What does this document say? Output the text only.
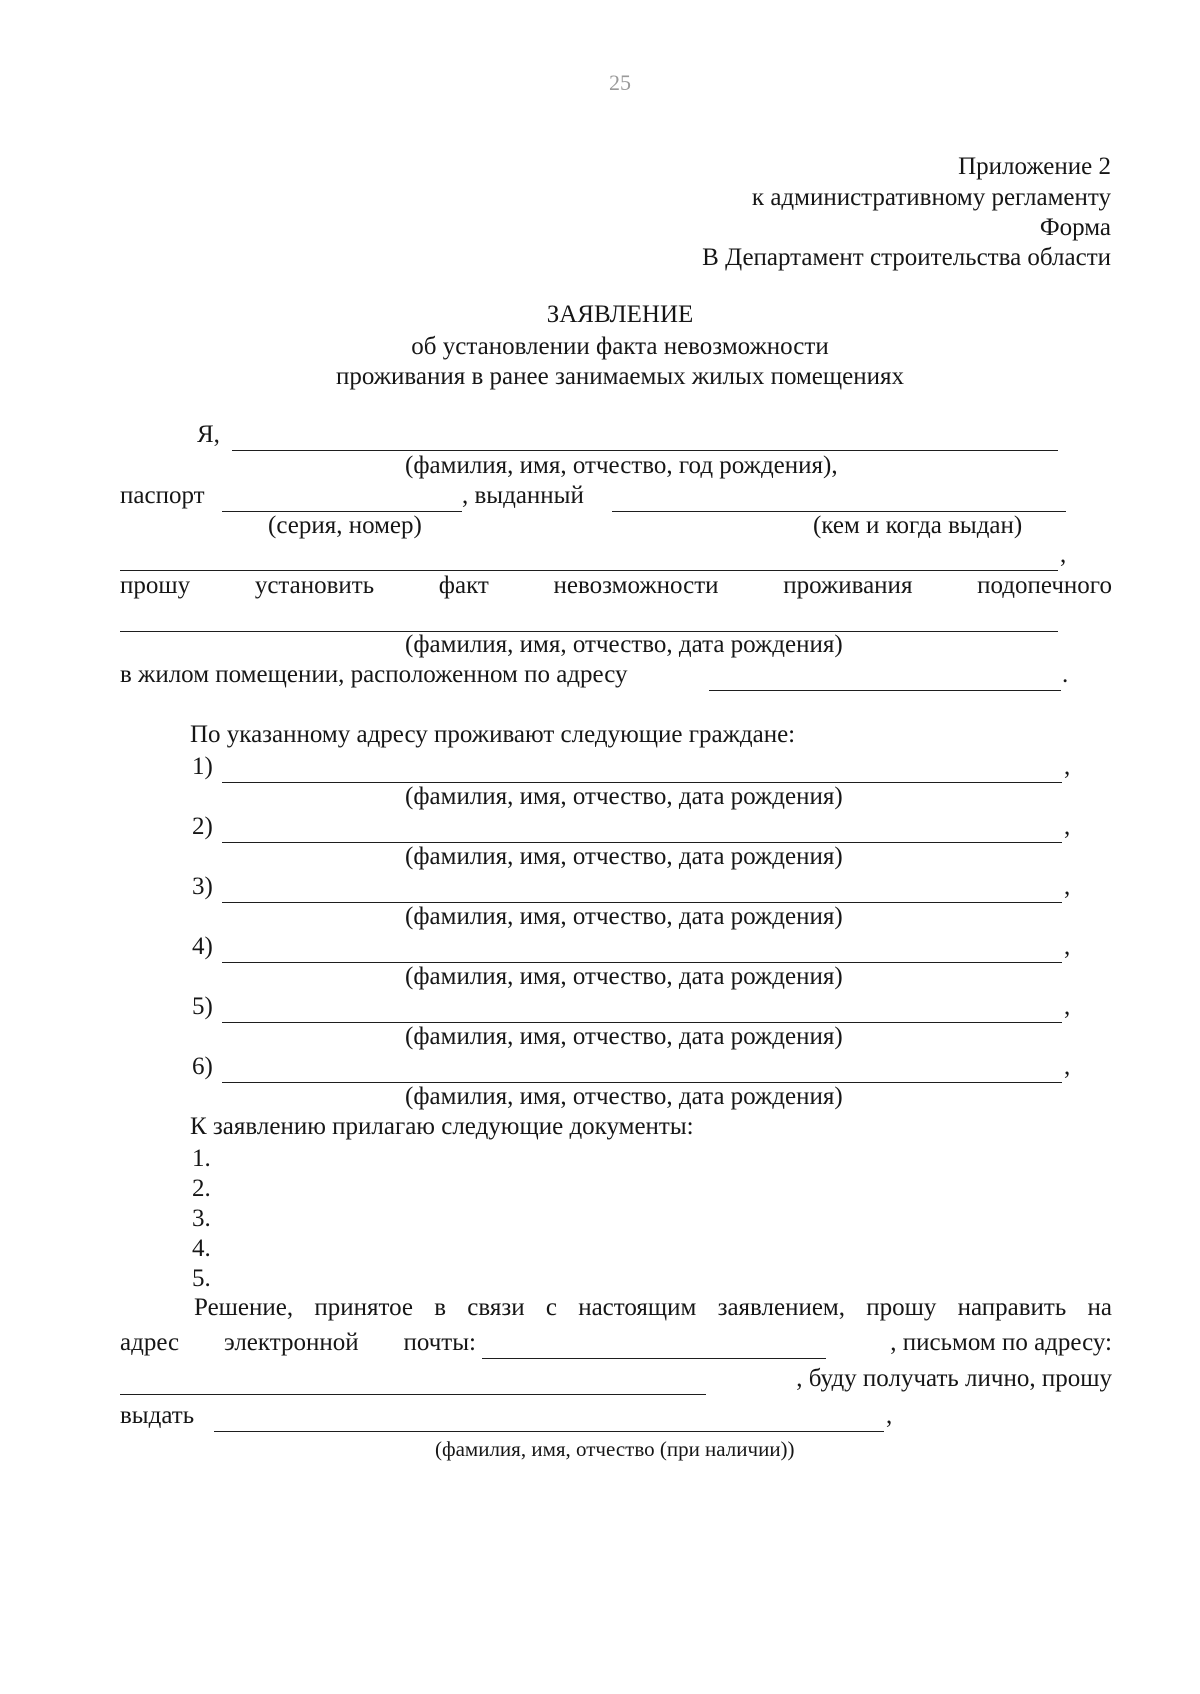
25
Приложение 2
к административному регламенту
Форма
В Департамент строительства области
ЗАЯВЛЕНИЕ
об установлении факта невозможности
проживания в ранее занимаемых жилых помещениях
Я,
(фамилия, имя, отчество, год рождения),
паспорт	, выданный
(серия, номер)	(кем и когда выдан)
,
прошу	установить	факт	невозможности	проживания	подопечного
(фамилия, имя, отчество, дата рождения)
в жилом помещении, расположенном по адресу	.
По указанному адресу проживают следующие граждане:
1)	,
(фамилия, имя, отчество, дата рождения)
2)	,
(фамилия, имя, отчество, дата рождения)
3)	,
(фамилия, имя, отчество, дата рождения)
4)	,
(фамилия, имя, отчество, дата рождения)
5)	,
(фамилия, имя, отчество, дата рождения)
6)	,
(фамилия, имя, отчество, дата рождения)
К заявлению прилагаю следующие документы:
1.
2.
3.
4.
5.
Решение, принятое в связи с настоящим заявлением, прошу направить на
адрес электронной почты:	, письмом по адресу:
, буду получать лично, прошу
выдать	,
(фамилия, имя, отчество (при наличии))
